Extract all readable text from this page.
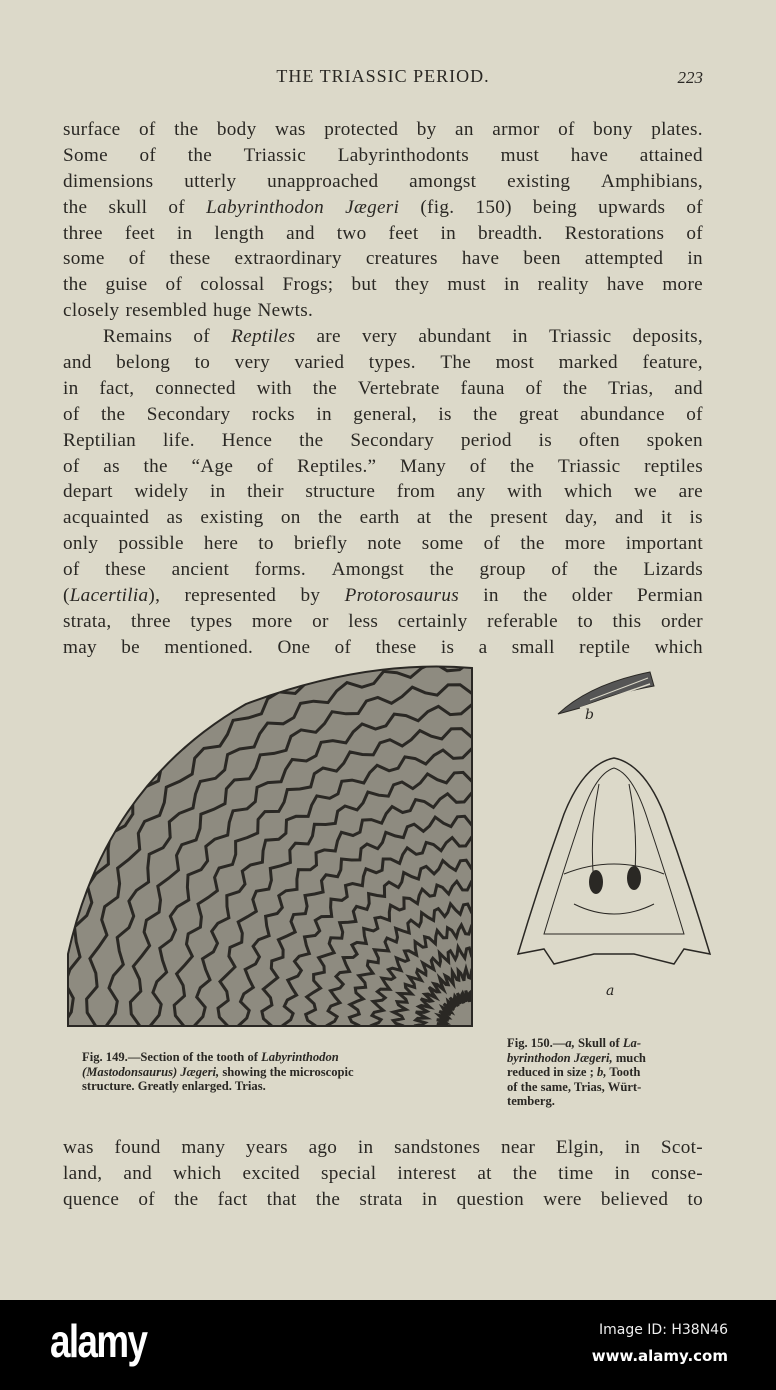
THE TRIASSIC PERIOD.	223
surface of the body was protected by an armor of bony plates.
Some of the Triassic Labyrinthodonts must have attained
dimensions utterly unapproached amongst existing Amphibians,
the skull of Labyrinthodon Jægeri (fig. 150) being upwards of
three feet in length and two feet in breadth. Restorations of
some of these extraordinary creatures have been attempted in
the guise of colossal Frogs; but they must in reality have more
closely resembled huge Newts.
Remains of Reptiles are very abundant in Triassic deposits,
and belong to very varied types. The most marked feature,
in fact, connected with the Vertebrate fauna of the Trias, and
of the Secondary rocks in general, is the great abundance of
Reptilian life. Hence the Secondary period is often spoken
of as the “Age of Reptiles.” Many of the Triassic reptiles
depart widely in their structure from any with which we are
acquainted as existing on the earth at the present day, and it is
only possible here to briefly note some of the more important
of these ancient forms. Amongst the group of the Lizards
(Lacertilia), represented by Protorosaurus in the older Permian
strata, three types more or less certainly referable to this order
may be mentioned. One of these is a small reptile which
b
a
Fig. 149.—Section of the tooth of Labyrinthodon
(Mastodonsaurus) Jægeri, showing the microscopic
structure. Greatly enlarged. Trias.
Fig. 150.—a, Skull of La-
byrinthodon Jægeri, much
reduced in size ; b, Tooth
of the same, Trias, Würt-
temberg.
was found many years ago in sandstones near Elgin, in Scot-
land, and which excited special interest at the time in conse-
quence of the fact that the strata in question were believed to
alamy	Image ID: H38N46
www.alamy.com
